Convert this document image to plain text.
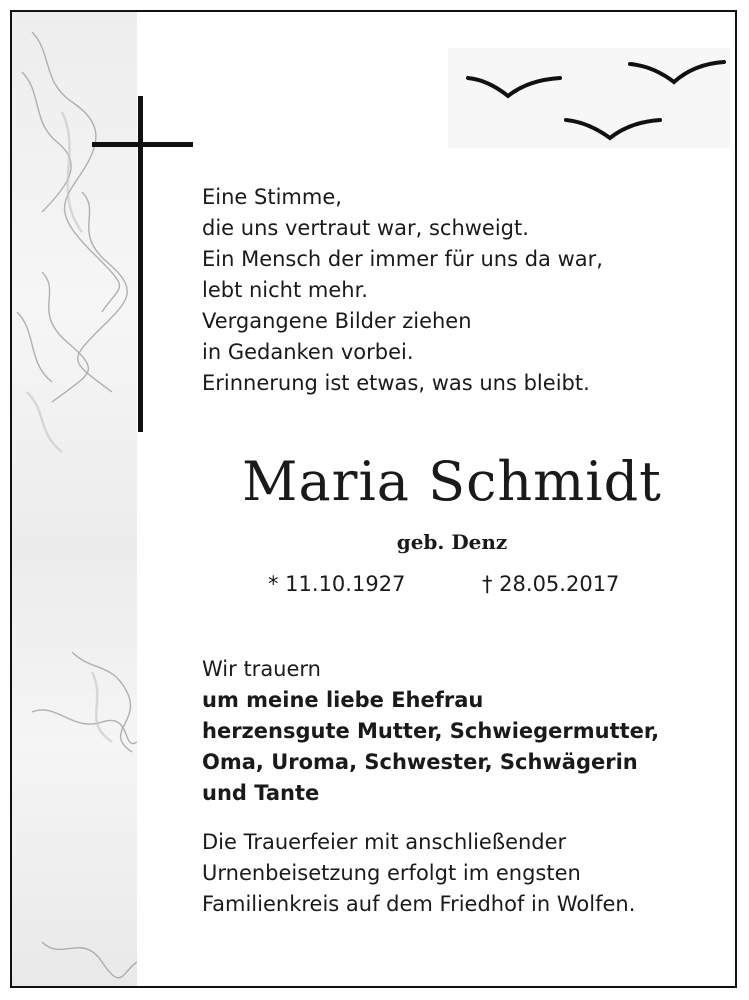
Eine Stimme,
die uns vertraut war, schweigt.
Ein Mensch der immer für uns da war,
lebt nicht mehr.
Vergangene Bilder ziehen
in Gedanken vorbei.
Erinnerung ist etwas, was uns bleibt.
Maria Schmidt
geb. Denz
* 11.10.1927	† 28.05.2017
Wir trauern
um meine liebe Ehefrau
herzensgute Mutter, Schwiegermutter,
Oma, Uroma, Schwester, Schwägerin
und Tante
Die Trauerfeier mit anschließender
Urnenbeisetzung erfolgt im engsten
Familienkreis auf dem Friedhof in Wolfen.
